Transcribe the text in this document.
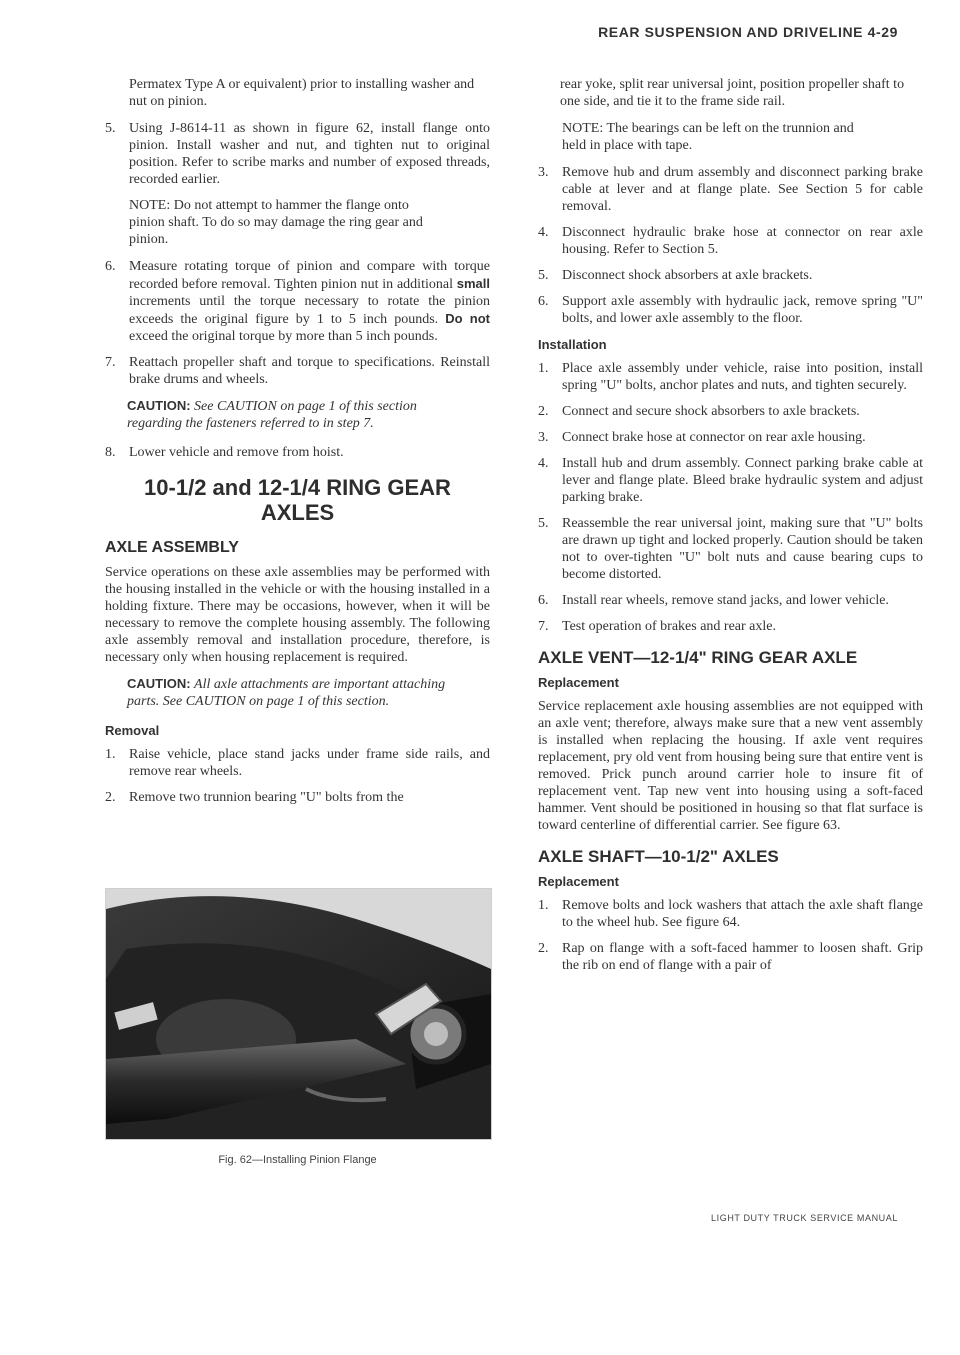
REAR SUSPENSION AND DRIVELINE 4-29
Permatex Type A or equivalent) prior to installing washer and nut on pinion.
5. Using J-8614-11 as shown in figure 62, install flange onto pinion. Install washer and nut, and tighten nut to original position. Refer to scribe marks and number of exposed threads, recorded earlier.
NOTE: Do not attempt to hammer the flange onto pinion shaft. To do so may damage the ring gear and pinion.
6. Measure rotating torque of pinion and compare with torque recorded before removal. Tighten pinion nut in additional small increments until the torque necessary to rotate the pinion exceeds the original figure by 1 to 5 inch pounds. Do not exceed the original torque by more than 5 inch pounds.
7. Reattach propeller shaft and torque to specifications. Reinstall brake drums and wheels.
CAUTION: See CAUTION on page 1 of this section regarding the fasteners referred to in step 7.
8. Lower vehicle and remove from hoist.
10-1/2 and 12-1/4 RING GEAR AXLES
AXLE ASSEMBLY
Service operations on these axle assemblies may be performed with the housing installed in the vehicle or with the housing installed in a holding fixture. There may be occasions, however, when it will be necessary to remove the complete housing assembly. The following axle assembly removal and installation procedure, therefore, is necessary only when housing replacement is required.
CAUTION: All axle attachments are important attaching parts. See CAUTION on page 1 of this section.
Removal
1. Raise vehicle, place stand jacks under frame side rails, and remove rear wheels.
2. Remove two trunnion bearing "U" bolts from the
Fig. 62—Installing Pinion Flange
rear yoke, split rear universal joint, position propeller shaft to one side, and tie it to the frame side rail.
NOTE: The bearings can be left on the trunnion and held in place with tape.
3. Remove hub and drum assembly and disconnect parking brake cable at lever and at flange plate. See Section 5 for cable removal.
4. Disconnect hydraulic brake hose at connector on rear axle housing. Refer to Section 5.
5. Disconnect shock absorbers at axle brackets.
6. Support axle assembly with hydraulic jack, remove spring "U" bolts, and lower axle assembly to the floor.
Installation
1. Place axle assembly under vehicle, raise into position, install spring "U" bolts, anchor plates and nuts, and tighten securely.
2. Connect and secure shock absorbers to axle brackets.
3. Connect brake hose at connector on rear axle housing.
4. Install hub and drum assembly. Connect parking brake cable at lever and flange plate. Bleed brake hydraulic system and adjust parking brake.
5. Reassemble the rear universal joint, making sure that "U" bolts are drawn up tight and locked properly. Caution should be taken not to over-tighten "U" bolt nuts and cause bearing cups to become distorted.
6. Install rear wheels, remove stand jacks, and lower vehicle.
7. Test operation of brakes and rear axle.
AXLE VENT—12-1/4" RING GEAR AXLE
Replacement
Service replacement axle housing assemblies are not equipped with an axle vent; therefore, always make sure that a new vent assembly is installed when replacing the housing. If axle vent requires replacement, pry old vent from housing being sure that entire vent is removed. Prick punch around carrier hole to insure fit of replacement vent. Tap new vent into housing using a soft-faced hammer. Vent should be positioned in housing so that flat surface is toward centerline of differential carrier. See figure 63.
AXLE SHAFT—10-1/2" AXLES
Replacement
1. Remove bolts and lock washers that attach the axle shaft flange to the wheel hub. See figure 64.
2. Rap on flange with a soft-faced hammer to loosen shaft. Grip the rib on end of flange with a pair of
LIGHT DUTY TRUCK SERVICE MANUAL
